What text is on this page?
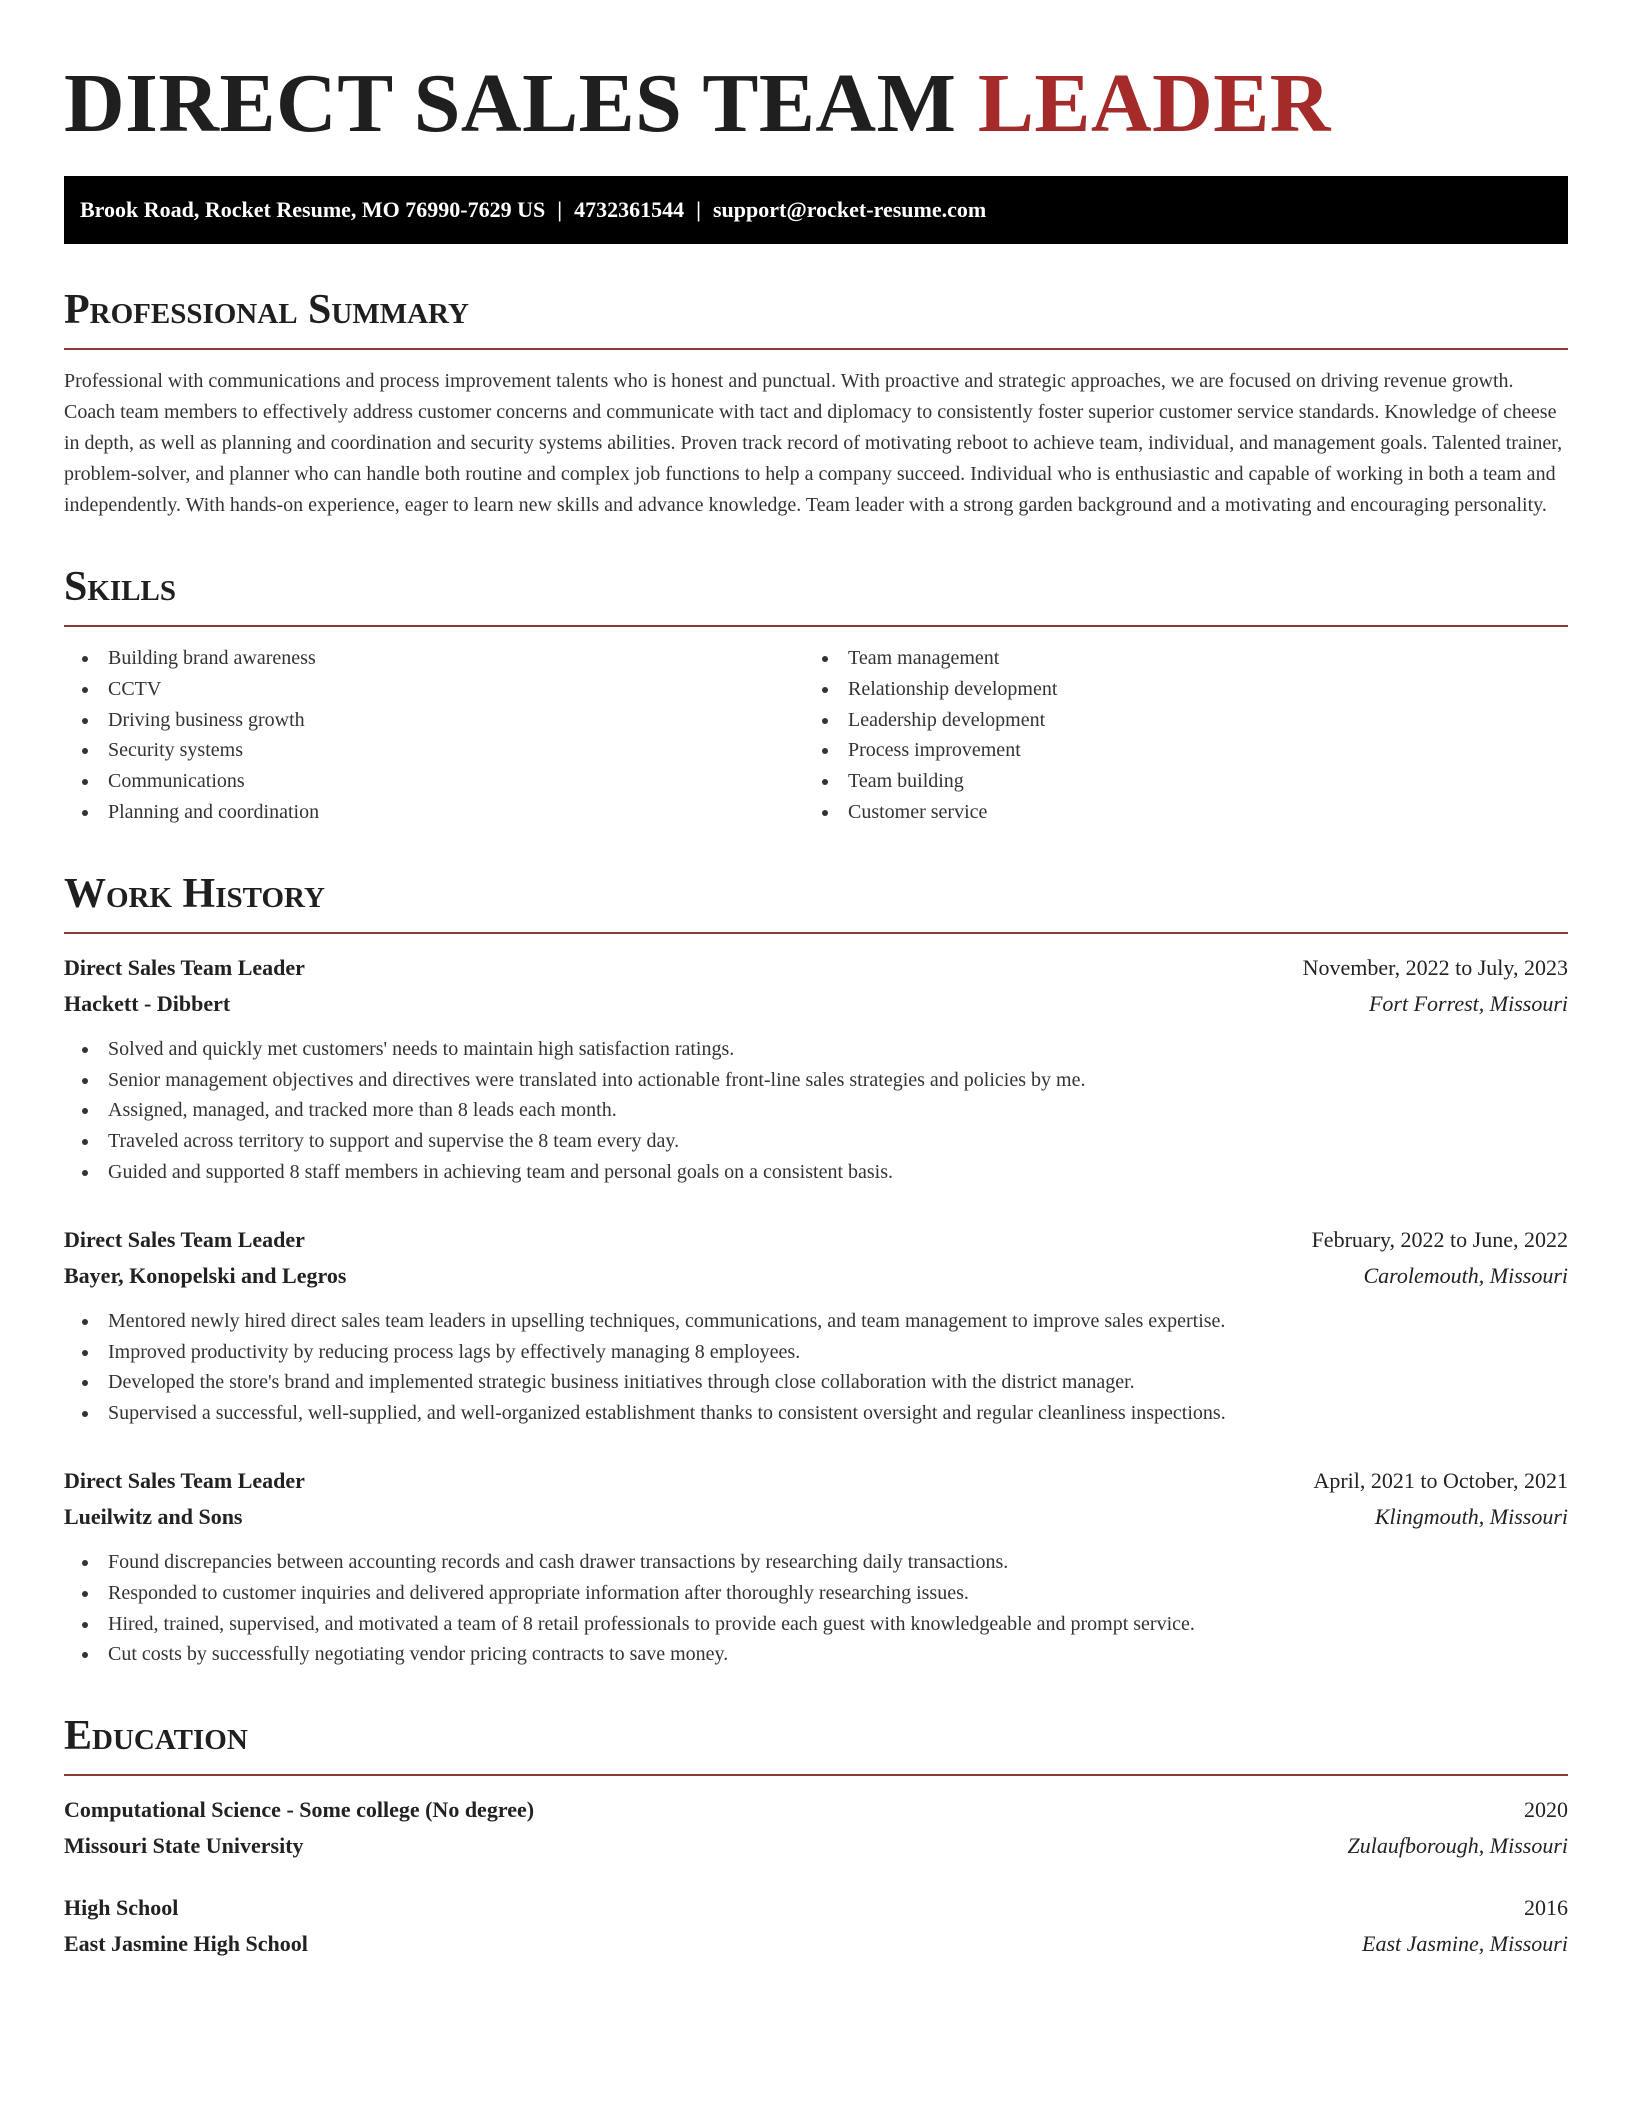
DIRECT SALES TEAM LEADER
Brook Road, Rocket Resume, MO 76990-7629 US | 4732361544 | support@rocket-resume.com
Professional Summary

Professional with communications and process improvement talents who is honest and punctual. With proactive and strategic approaches, we are focused on driving revenue growth. Coach team members to effectively address customer concerns and communicate with tact and diplomacy to consistently foster superior customer service standards. Knowledge of cheese in depth, as well as planning and coordination and security systems abilities. Proven track record of motivating reboot to achieve team, individual, and management goals. Talented trainer, problem-solver, and planner who can handle both routine and complex job functions to help a company succeed. Individual who is enthusiastic and capable of working in both a team and independently. With hands-on experience, eager to learn new skills and advance knowledge. Team leader with a strong garden background and a motivating and encouraging personality.

Skills
Building brand awareness
CCTV
Driving business growth
Security systems
Communications
Planning and coordination
Team management
Relationship development
Leadership development
Process improvement
Team building
Customer service
Work History
Direct Sales Team Leader	November, 2022 to July, 2023
Hackett - Dibbert	Fort Forrest, Missouri
Solved and quickly met customers' needs to maintain high satisfaction ratings.
Senior management objectives and directives were translated into actionable front-line sales strategies and policies by me.
Assigned, managed, and tracked more than 8 leads each month.
Traveled across territory to support and supervise the 8 team every day.
Guided and supported 8 staff members in achieving team and personal goals on a consistent basis.
Direct Sales Team Leader	February, 2022 to June, 2022
Bayer, Konopelski and Legros	Carolemouth, Missouri
Mentored newly hired direct sales team leaders in upselling techniques, communications, and team management to improve sales expertise.
Improved productivity by reducing process lags by effectively managing 8 employees.
Developed the store's brand and implemented strategic business initiatives through close collaboration with the district manager.
Supervised a successful, well-supplied, and well-organized establishment thanks to consistent oversight and regular cleanliness inspections.
Direct Sales Team Leader	April, 2021 to October, 2021
Lueilwitz and Sons	Klingmouth, Missouri
Found discrepancies between accounting records and cash drawer transactions by researching daily transactions.
Responded to customer inquiries and delivered appropriate information after thoroughly researching issues.
Hired, trained, supervised, and motivated a team of 8 retail professionals to provide each guest with knowledgeable and prompt service.
Cut costs by successfully negotiating vendor pricing contracts to save money.
Education
Computational Science - Some college (No degree)	2020
Missouri State University	Zulaufborough, Missouri
High School	2016
East Jasmine High School	East Jasmine, Missouri
